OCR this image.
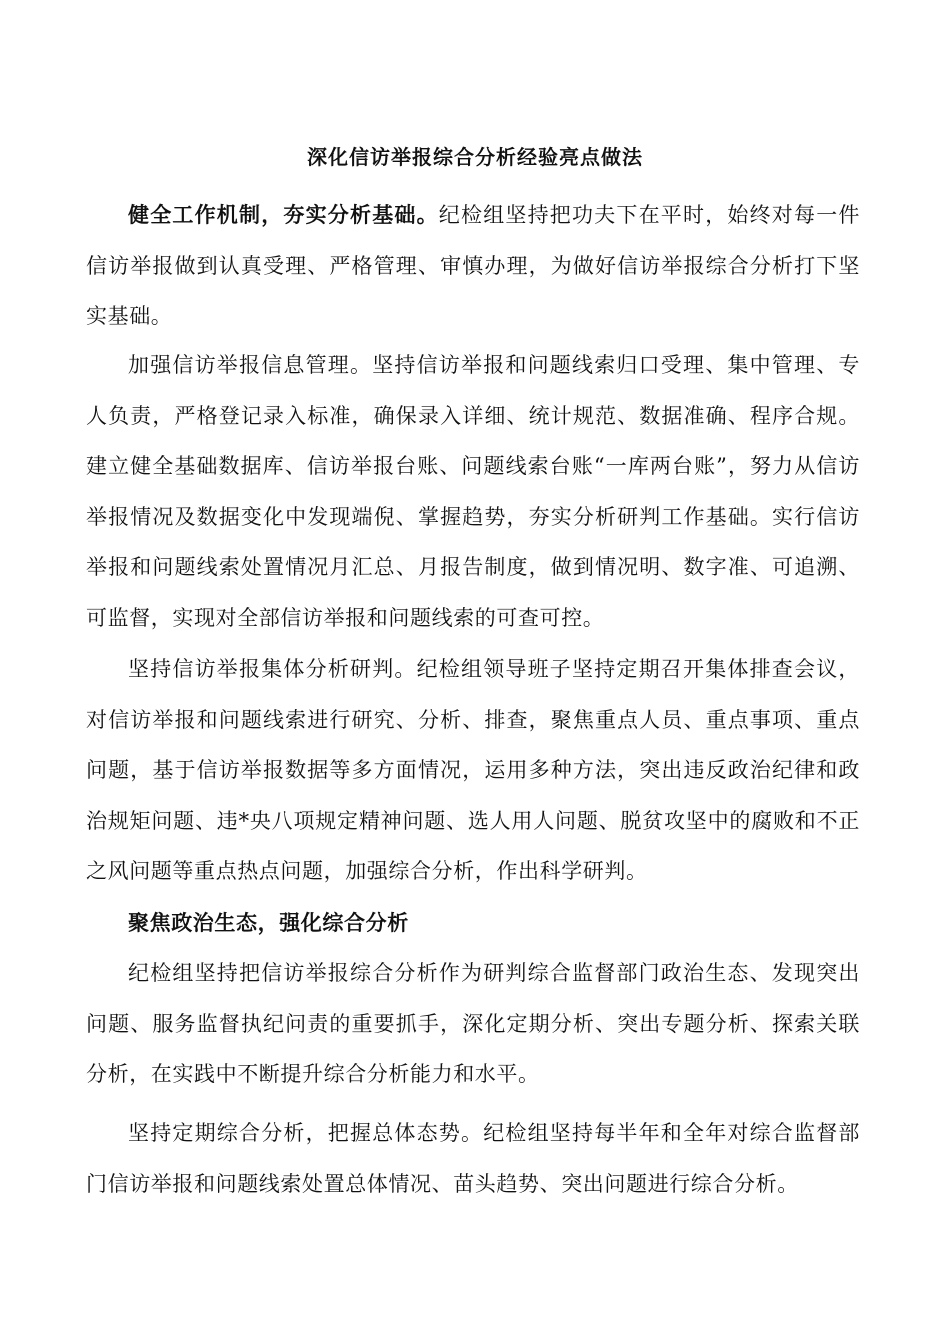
深化信访举报综合分析经验亮点做法

健全工作机制，夯实分析基础。纪检组坚持把功夫下在平时，始终对每一件信访举报做到认真受理、严格管理、审慎办理，为做好信访举报综合分析打下坚实基础。

加强信访举报信息管理。坚持信访举报和问题线索归口受理、集中管理、专人负责，严格登记录入标准，确保录入详细、统计规范、数据准确、程序合规。建立健全基础数据库、信访举报台账、问题线索台账“一库两台账”，努力从信访举报情况及数据变化中发现端倪、掌握趋势，夯实分析研判工作基础。实行信访举报和问题线索处置情况月汇总、月报告制度，做到情况明、数字准、可追溯、可监督，实现对全部信访举报和问题线索的可查可控。

坚持信访举报集体分析研判。纪检组领导班子坚持定期召开集体排查会议，对信访举报和问题线索进行研究、分析、排查，聚焦重点人员、重点事项、重点问题，基于信访举报数据等多方面情况，运用多种方法，突出违反政治纪律和政治规矩问题、违*央八项规定精神问题、选人用人问题、脱贫攻坚中的腐败和不正之风问题等重点热点问题，加强综合分析，作出科学研判。

聚焦政治生态，强化综合分析

纪检组坚持把信访举报综合分析作为研判综合监督部门政治生态、发现突出问题、服务监督执纪问责的重要抓手，深化定期分析、突出专题分析、探索关联分析，在实践中不断提升综合分析能力和水平。

坚持定期综合分析，把握总体态势。纪检组坚持每半年和全年对综合监督部门信访举报和问题线索处置总体情况、苗头趋势、突出问题进行综合分析。
